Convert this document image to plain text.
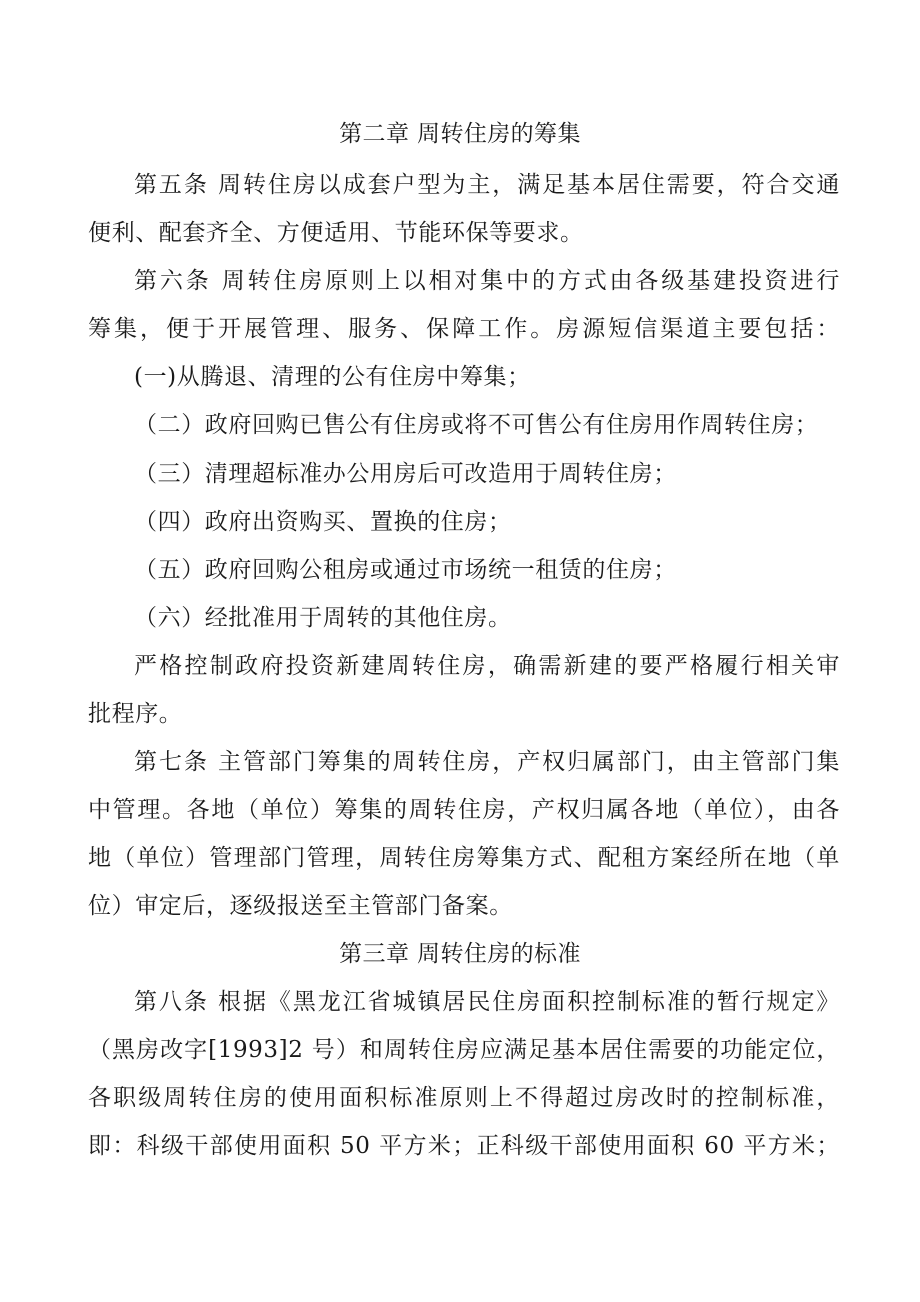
第二章 周转住房的筹集
第五条 周转住房以成套户型为主，满足基本居住需要，符合交通
便利、配套齐全、方便适用、节能环保等要求。
第六条 周转住房原则上以相对集中的方式由各级基建投资进行
筹集，便于开展管理、服务、保障工作。房源短信渠道主要包括：
(一)从腾退、清理的公有住房中筹集；
（二）政府回购已售公有住房或将不可售公有住房用作周转住房；
（三）清理超标准办公用房后可改造用于周转住房；
（四）政府出资购买、置换的住房；
（五）政府回购公租房或通过市场统一租赁的住房；
（六）经批准用于周转的其他住房。
严格控制政府投资新建周转住房，确需新建的要严格履行相关审
批程序。
第七条 主管部门筹集的周转住房，产权归属部门，由主管部门集
中管理。各地（单位）筹集的周转住房，产权归属各地（单位），由各
地（单位）管理部门管理，周转住房筹集方式、配租方案经所在地（单
位）审定后，逐级报送至主管部门备案。
第三章 周转住房的标准
第八条 根据《黑龙江省城镇居民住房面积控制标准的暂行规定》
（黑房改字[1993]2 号）和周转住房应满足基本居住需要的功能定位，
各职级周转住房的使用面积标准原则上不得超过房改时的控制标准，
即：科级干部使用面积 50 平方米；正科级干部使用面积 60 平方米；
